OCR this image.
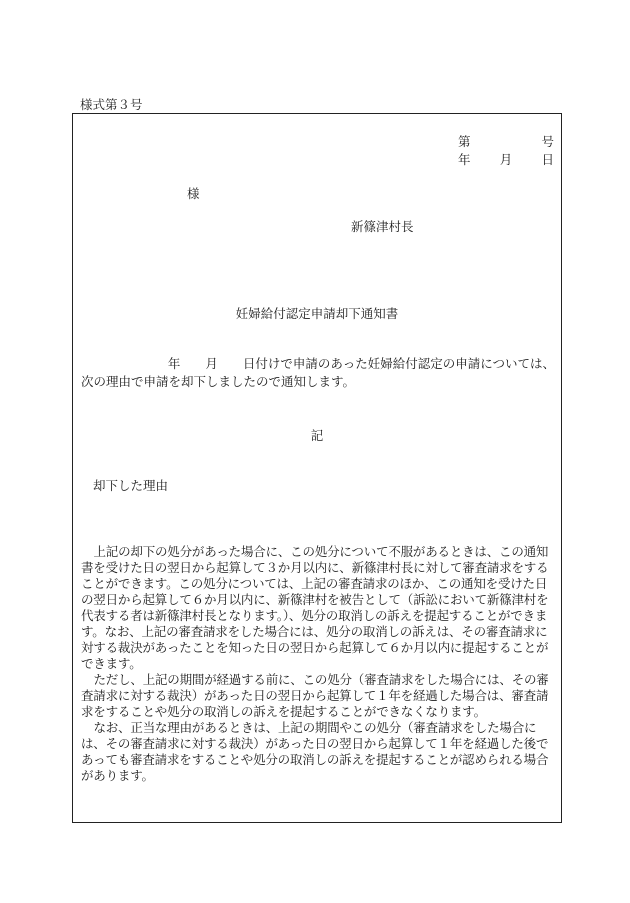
様式第３号
第	号
年 月 日
様
新篠津村長
妊婦給付認定申請却下通知書
年　　月　　日付けで申請のあった妊婦給付認定の申請については、
次の理由で申請を却下しましたので通知します。
記
却下した理由

上記の却下の処分があった場合に、この処分について不服があるときは、この通知書を受けた日の翌日から起算して３か月以内に、新篠津村長に対して審査請求をすることができます。この処分については、上記の審査請求のほか、この通知を受けた日の翌日から起算して６か月以内に、新篠津村を被告として（訴訟において新篠津村を代表する者は新篠津村長となります。）、処分の取消しの訴えを提起することができます。なお、上記の審査請求をした場合には、処分の取消しの訴えは、その審査請求に対する裁決があったことを知った日の翌日から起算して６か月以内に提起することができます。

ただし、上記の期間が経過する前に、この処分（審査請求をした場合には、その審査請求に対する裁決）があった日の翌日から起算して１年を経過した場合は、審査請求をすることや処分の取消しの訴えを提起することができなくなります。

なお、正当な理由があるときは、上記の期間やこの処分（審査請求をした場合には、その審査請求に対する裁決）があった日の翌日から起算して１年を経過した後であっても審査請求をすることや処分の取消しの訴えを提起することが認められる場合があります。
